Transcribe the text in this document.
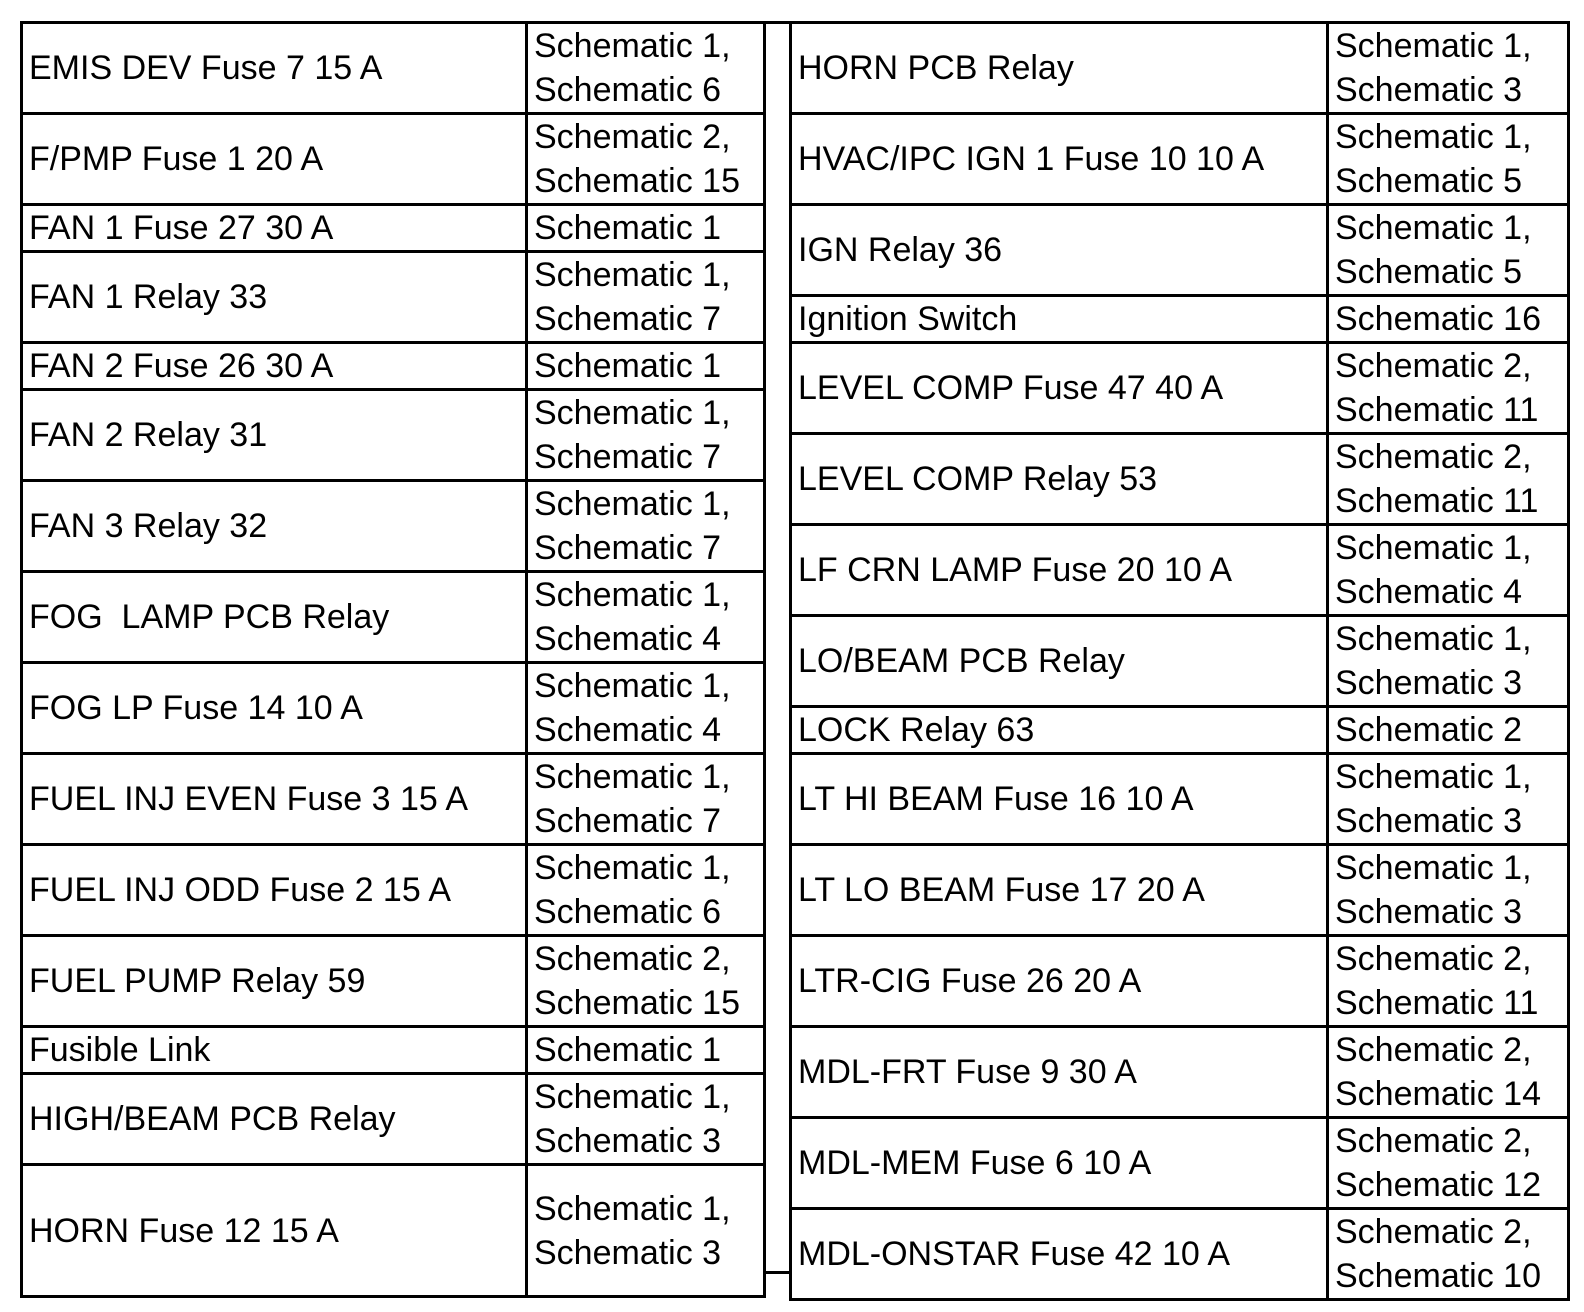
EMIS DEV Fuse 7 15 A	Schematic 1,
Schematic 6

F/PMP Fuse 1 20 A	Schematic 2,
Schematic 15

FAN 1 Fuse 27 30 A	Schematic 1

FAN 1 Relay 33	Schematic 1,
Schematic 7

FAN 2 Fuse 26 30 A	Schematic 1

FAN 2 Relay 31	Schematic 1,
Schematic 7

FAN 3 Relay 32	Schematic 1,
Schematic 7

FOG  LAMP PCB Relay	Schematic 1,
Schematic 4

FOG LP Fuse 14 10 A	Schematic 1,
Schematic 4

FUEL INJ EVEN Fuse 3 15 A	Schematic 1,
Schematic 7

FUEL INJ ODD Fuse 2 15 A	Schematic 1,
Schematic 6

FUEL PUMP Relay 59	Schematic 2,
Schematic 15

Fusible Link	Schematic 1

HIGH/BEAM PCB Relay	Schematic 1,
Schematic 3

HORN Fuse 12 15 A	Schematic 1,
Schematic 3
HORN PCB Relay	Schematic 1,
Schematic 3

HVAC/IPC IGN 1 Fuse 10 10 A	Schematic 1,
Schematic 5

IGN Relay 36	Schematic 1,
Schematic 5

Ignition Switch	Schematic 16

LEVEL COMP Fuse 47 40 A	Schematic 2,
Schematic 11

LEVEL COMP Relay 53	Schematic 2,
Schematic 11

LF CRN LAMP Fuse 20 10 A	Schematic 1,
Schematic 4

LO/BEAM PCB Relay	Schematic 1,
Schematic 3

LOCK Relay 63	Schematic 2

LT HI BEAM Fuse 16 10 A	Schematic 1,
Schematic 3

LT LO BEAM Fuse 17 20 A	Schematic 1,
Schematic 3

LTR-CIG Fuse 26 20 A	Schematic 2,
Schematic 11

MDL-FRT Fuse 9 30 A	Schematic 2,
Schematic 14

MDL-MEM Fuse 6 10 A	Schematic 2,
Schematic 12

MDL-ONSTAR Fuse 42 10 A	Schematic 2,
Schematic 10
